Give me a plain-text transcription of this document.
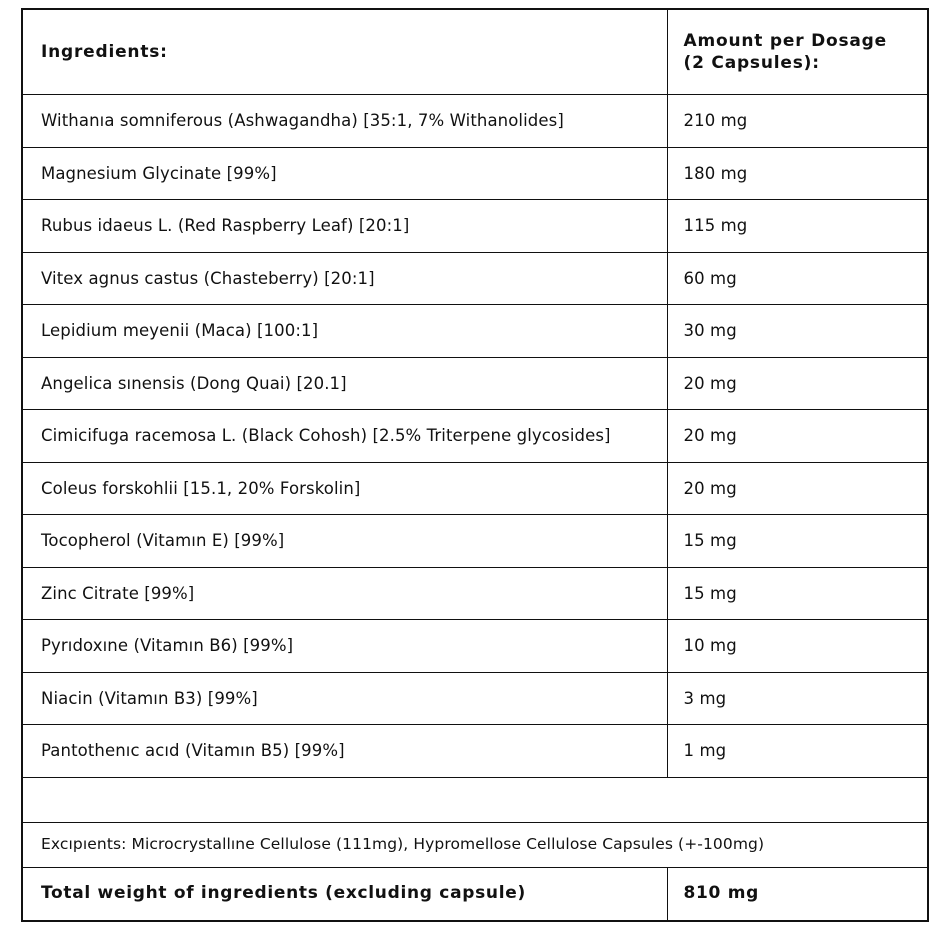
Ingredients:	Amount per Dosage
(2 Capsules):

Withanıa somniferous (Ashwagandha) [35:1, 7% Withanolides]	210 mg

Magnesium Glycinate [99%]	180 mg

Rubus idaeus L. (Red Raspberry Leaf) [20:1]	115 mg

Vitex agnus castus (Chasteberry) [20:1]	60 mg

Lepidium meyenii (Maca) [100:1]	30 mg

Angelica sınensis (Dong Quai) [20.1]	20 mg

Cimicifuga racemosa L. (Black Cohosh) [2.5% Triterpene glycosides]	20 mg

Coleus forskohlii [15.1, 20% Forskolin]	20 mg

Tocopherol (Vitamın E) [99%]	15 mg

Zinc Citrate [99%]	15 mg

Pyrıdoxıne (Vitamın B6) [99%]	10 mg

Niacin (Vitamın B3) [99%]	3 mg

Pantothenıc acıd (Vitamın B5) [99%]	1 mg

Excıpıents: Microcrystallıne Cellulose (111mg), Hypromellose Cellulose Capsules (+-100mg)	

Total weight of ingredients (excluding capsule)	810 mg
